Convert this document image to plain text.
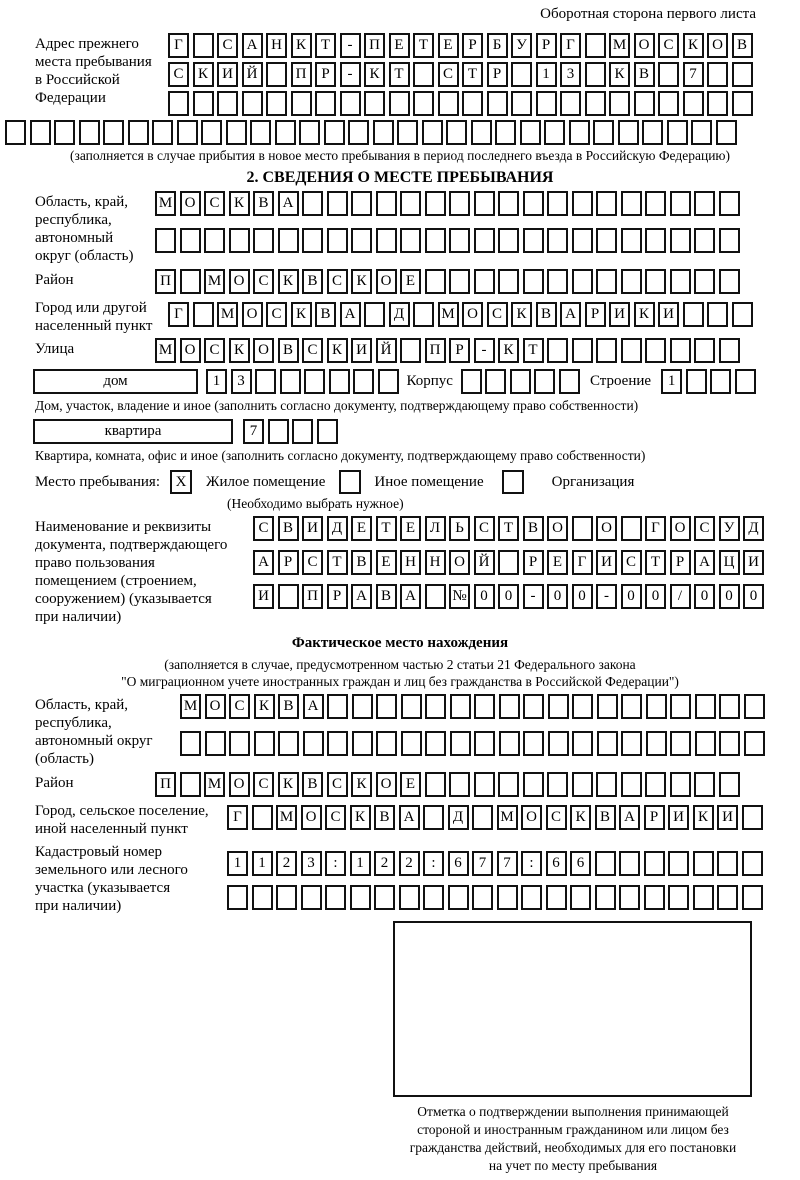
Оборотная сторона первого листа
Адрес прежнего
места пребывания
в Российской
Федерации
Г	С А Н К Т	-	П Е	Т	Е	Р	Б У	Р	Г	М О С К О В
С К И Й	П Р	-	К Т	С Т	Р	1	3	К В	7
(заполняется в случае прибытия в новое место пребывания в период последнего въезда в Российскую Федерацию)
2. СВЕДЕНИЯ О МЕСТЕ ПРЕБЫВАНИЯ
Область, край,
республика,
автономный
округ (область)
М О С К В А
Район	П	М О С К В С К О Е
Город или другой
населенный пункт
Г	М О С К В А	Д	М О С К В А Р И К И
Улица	М О С К О В С К И Й	П Р	-	К Т
дом	1	3	Корпус	Строение	1
Дом, участок, владение и иное (заполнить согласно документу, подтверждающему право собственности)
квартира	7
Квартира, комната, офис и иное (заполнить согласно документу, подтверждающему право собственности)
Место пребывания:	X	Жилое помещение	Иное помещение	Организация
(Необходимо выбрать нужное)
Наименование и реквизиты
документа, подтверждающего
право пользования
помещением (строением,
сооружением) (указывается
при наличии)
С В И Д Е	Т	Е Л	Ь	С Т В О	О	Г О С У Д
А Р	С Т В Е Н Н О Й	Р	Е	Г И С Т	Р А Ц И
И	П Р А В А	№ 0	0	-	0	0	-	0	0	/	0	0	0
Фактическое место нахождения
(заполняется в случае, предусмотренном частью 2 статьи 21 Федерального закона
"О миграционном учете иностранных граждан и лиц без гражданства в Российской Федерации")
Область, край,
республика,
автономный округ
(область)
М О С К В А
Район	П	М О С К В С К О Е
Город, сельское поселение,
иной населенный пункт
Г	М О С К В А	Д	М О С К В А Р И К И
Кадастровый номер
земельного или лесного
участка (указывается
при наличии)
1	1	2	3	:	1	2	2	:	6	7	7	:	6	6
Отметка о подтверждении выполнения принимающей
стороной и иностранным гражданином или лицом без
гражданства действий, необходимых для его постановки
на учет по месту пребывания
